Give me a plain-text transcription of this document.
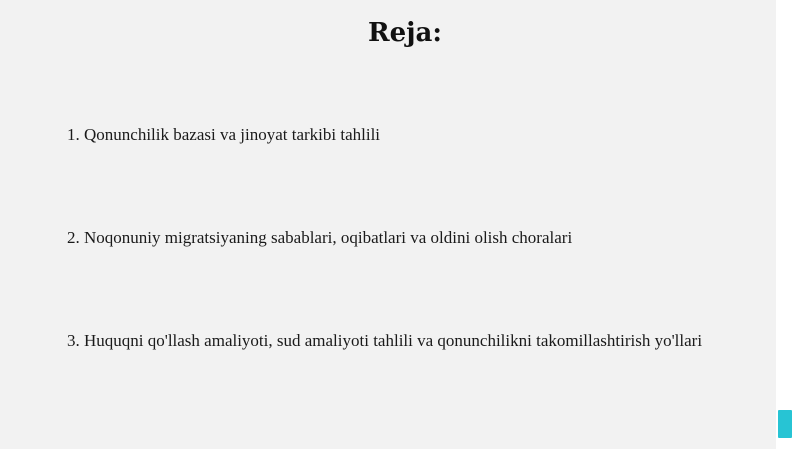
Reja:
1. Qonunchilik bazasi va jinoyat tarkibi tahlili
2. Noqonuniy migratsiyaning sabablari, oqibatlari va oldini olish choralari
3. Huquqni qo'llash amaliyoti, sud amaliyoti tahlili va qonunchilikni takomillashtirish yo'llari
